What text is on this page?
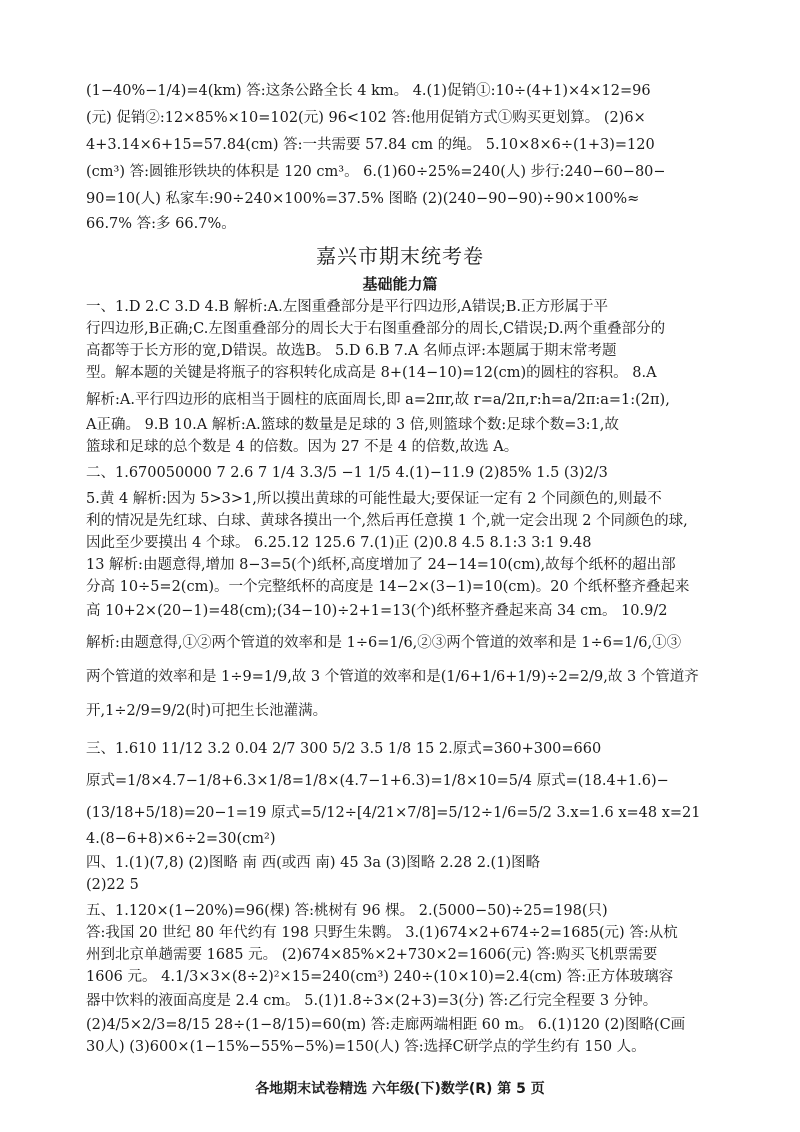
(1−40%−1/4)=4(km) 答:这条公路全长 4 km。 4.(1)促销①:10÷(4+1)×4×12=96
(元) 促销②:12×85%×10=102(元) 96<102 答:他用促销方式①购买更划算。 (2)6×
4+3.14×6+15=57.84(cm) 答:一共需要 57.84 cm 的绳。 5.10×8×6÷(1+3)=120
(cm³) 答:圆锥形铁块的体积是 120 cm³。 6.(1)60÷25%=240(人) 步行:240−60−80−
90=10(人) 私家车:90÷240×100%=37.5% 图略 (2)(240−90−90)÷90×100%≈
66.7% 答:多 66.7%。
嘉兴市期末统考卷
基础能力篇
一、1.D 2.C 3.D 4.B 解析:A.左图重叠部分是平行四边形,A错误;B.正方形属于平
行四边形,B正确;C.左图重叠部分的周长大于右图重叠部分的周长,C错误;D.两个重叠部分的
高都等于长方形的宽,D错误。故选B。 5.D 6.B 7.A 名师点评:本题属于期末常考题
型。解本题的关键是将瓶子的容积转化成高是 8+(14−10)=12(cm)的圆柱的容积。 8.A
解析:A.平行四边形的底相当于圆柱的底面周长,即 a=2πr,故 r=a/2π,r:h=a/2π:a=1:(2π),
A正确。 9.B 10.A 解析:A.篮球的数量是足球的 3 倍,则篮球个数:足球个数=3:1,故
篮球和足球的总个数是 4 的倍数。因为 27 不是 4 的倍数,故选 A。
二、1.670050000 7 2.6 7 1/4 3.3/5 −1 1/5 4.(1)−11.9 (2)85% 1.5 (3)2/3
5.黄 4 解析:因为 5>3>1,所以摸出黄球的可能性最大;要保证一定有 2 个同颜色的,则最不
利的情况是先红球、白球、黄球各摸出一个,然后再任意摸 1 个,就一定会出现 2 个同颜色的球,
因此至少要摸出 4 个球。 6.25.12 125.6 7.(1)正 (2)0.8 4.5 8.1:3 3:1 9.48
13 解析:由题意得,增加 8−3=5(个)纸杯,高度增加了 24−14=10(cm),故每个纸杯的超出部
分高 10÷5=2(cm)。一个完整纸杯的高度是 14−2×(3−1)=10(cm)。20 个纸杯整齐叠起来
高 10+2×(20−1)=48(cm);(34−10)÷2+1=13(个)纸杯整齐叠起来高 34 cm。 10.9/2
解析:由题意得,①②两个管道的效率和是 1÷6=1/6,②③两个管道的效率和是 1÷6=1/6,①③
两个管道的效率和是 1÷9=1/9,故 3 个管道的效率和是(1/6+1/6+1/9)÷2=2/9,故 3 个管道齐
开,1÷2/9=9/2(时)可把生长池灌满。
三、1.610 11/12 3.2 0.04 2/7 300 5/2 3.5 1/8 15 2.原式=360+300=660
原式=1/8×4.7−1/8+6.3×1/8=1/8×(4.7−1+6.3)=1/8×10=5/4 原式=(18.4+1.6)−
(13/18+5/18)=20−1=19 原式=5/12÷[4/21×7/8]=5/12÷1/6=5/2 3.x=1.6 x=48 x=21
4.(8−6+8)×6÷2=30(cm²)
四、1.(1)(7,8) (2)图略 南 西(或西 南) 45 3a (3)图略 2.28 2.(1)图略
(2)22 5
五、1.120×(1−20%)=96(棵) 答:桃树有 96 棵。 2.(5000−50)÷25=198(只)
答:我国 20 世纪 80 年代约有 198 只野生朱鹮。 3.(1)674×2+674÷2=1685(元) 答:从杭
州到北京单趟需要 1685 元。 (2)674×85%×2+730×2=1606(元) 答:购买飞机票需要
1606 元。 4.1/3×3×(8÷2)²×15=240(cm³) 240÷(10×10)=2.4(cm) 答:正方体玻璃容
器中饮料的液面高度是 2.4 cm。 5.(1)1.8÷3×(2+3)=3(分) 答:乙行完全程要 3 分钟。
(2)4/5×2/3=8/15 28÷(1−8/15)=60(m) 答:走廊两端相距 60 m。 6.(1)120 (2)图略(C画
30人) (3)600×(1−15%−55%−5%)=150(人) 答:选择C研学点的学生约有 150 人。
各地期末试卷精选 六年级(下)数学(R) 第 5 页
